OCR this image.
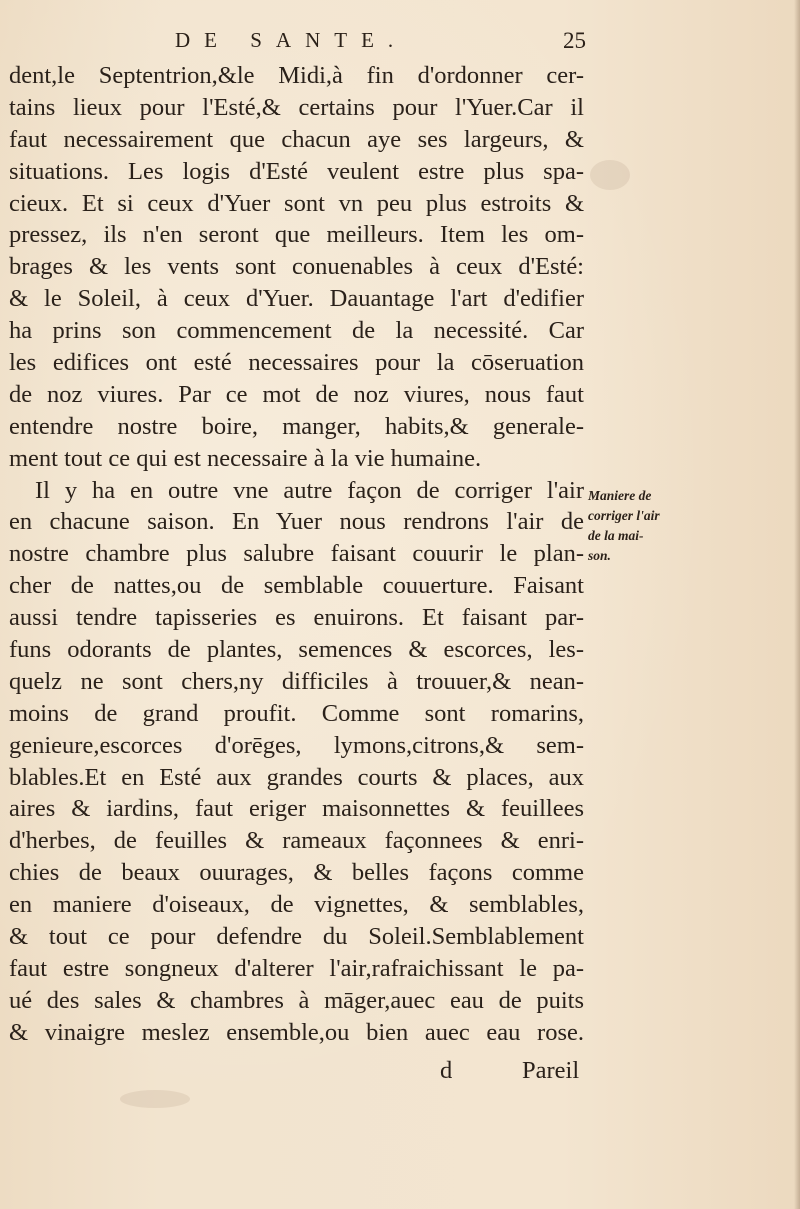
DE SANTE.	25
dent,le Septentrion,&le Midi,à fin d'ordonner cer-
tains lieux pour l'Esté,& certains pour l'Yuer.Car il
faut necessairement que chacun aye ses largeurs, &
situations. Les logis d'Esté veulent estre plus spa-
cieux. Et si ceux d'Yuer sont vn peu plus estroits &
pressez, ils n'en seront que meilleurs. Item les om-
brages & les vents sont conuenables à ceux d'Esté:
& le Soleil, à ceux d'Yuer. Dauantage l'art d'edifier
ha prins son commencement de la necessité. Car
les edifices ont esté necessaires pour la cōseruation
de noz viures. Par ce mot de noz viures, nous faut
entendre nostre boire, manger, habits,& generale-
ment tout ce qui est necessaire à la vie humaine.
Il y ha en outre vne autre façon de corriger l'air
en chacune saison. En Yuer nous rendrons l'air de
nostre chambre plus salubre faisant couurir le plan-
cher de nattes,ou de semblable couuerture. Faisant
aussi tendre tapisseries es enuirons. Et faisant par-
funs odorants de plantes, semences & escorces, les-
quelz ne sont chers,ny difficiles à trouuer,& nean-
moins de grand proufit. Comme sont romarins,
genieure,escorces d'orēges, lymons,citrons,& sem-
blables.Et en Esté aux grandes courts & places, aux
aires & iardins, faut eriger maisonnettes & feuillees
d'herbes, de feuilles & rameaux façonnees & enri-
chies de beaux ouurages, & belles façons comme
en maniere d'oiseaux, de vignettes, & semblables,
& tout ce pour defendre du Soleil.Semblablement
faut estre songneux d'alterer l'air,rafraichissant le pa-
ué des sales & chambres à māger,auec eau de puits
& vinaigre meslez ensemble,ou bien auec eau rose.
Maniere de
corriger l'air
de la mai-
son.
d	Pareil
